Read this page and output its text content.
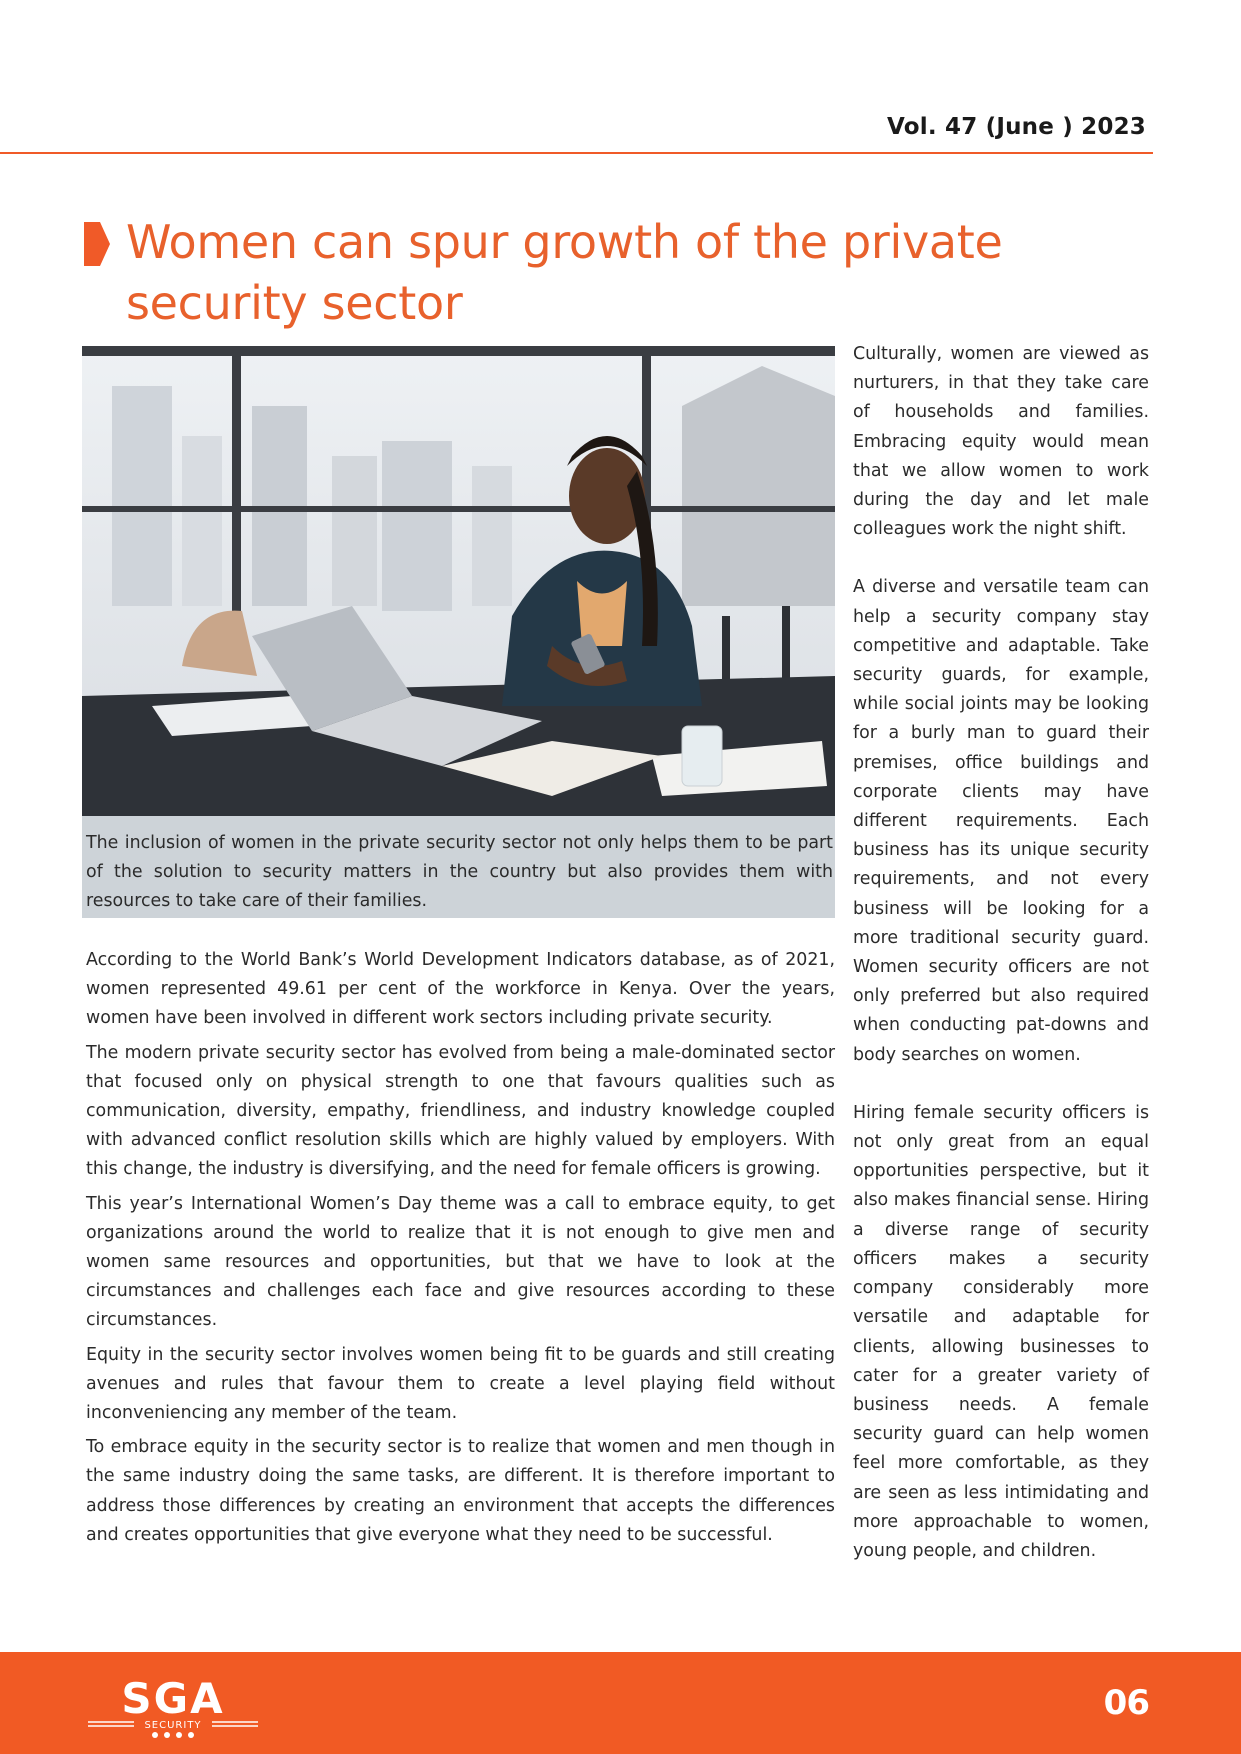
Vol. 47 (June ) 2023
Women can spur growth of the private security sector
The inclusion of women in the private security sector not only helps them to be part of the solution to security matters in the country but also provides them with resources to take care of their families.

According to the World Bank’s World Development Indicators database, as of 2021, women represented 49.61 per cent of the workforce in Kenya. Over the years, women have been involved in different work sectors including private security.

The modern private security sector has evolved from being a male-dominated sector that focused only on physical strength to one that favours qualities such as communication, diversity, empathy, friendliness, and industry knowledge coupled with advanced conflict resolution skills which are highly valued by employers. With this change, the industry is diversifying, and the need for female officers is growing.

This year’s International Women’s Day theme was a call to embrace equity, to get organizations around the world to realize that it is not enough to give men and women same resources and opportunities, but that we have to look at the circumstances and challenges each face and give resources according to these circumstances.

Equity in the security sector involves women being fit to be guards and still creating avenues and rules that favour them to create a level playing field without inconveniencing any member of the team.

To embrace equity in the security sector is to realize that women and men though in the same industry doing the same tasks, are different. It is therefore important to address those differences by creating an environment that accepts the differences and creates opportunities that give everyone what they need to be successful.

Culturally, women are viewed as nurturers, in that they take care of households and families. Embracing equity would mean that we allow women to work during the day and let male colleagues work the night shift.

A diverse and versatile team can help a security company stay competitive and adaptable. Take security guards, for example, while social joints may be looking for a burly man to guard their premises, office buildings and corporate clients may have different requirements. Each business has its unique security requirements, and not every business will be looking for a more traditional security guard. Women security officers are not only preferred but also required when conducting pat-downs and body searches on women.

Hiring female security officers is not only great from an equal opportunities perspective, but it also makes financial sense. Hiring a diverse range of security officers makes a security company considerably more versatile and adaptable for clients, allowing businesses to cater for a greater variety of business needs. A female security guard can help women feel more comfortable, as they are seen as less intimidating and more approachable to women, young people, and children.

SGA
SECURITY
06
